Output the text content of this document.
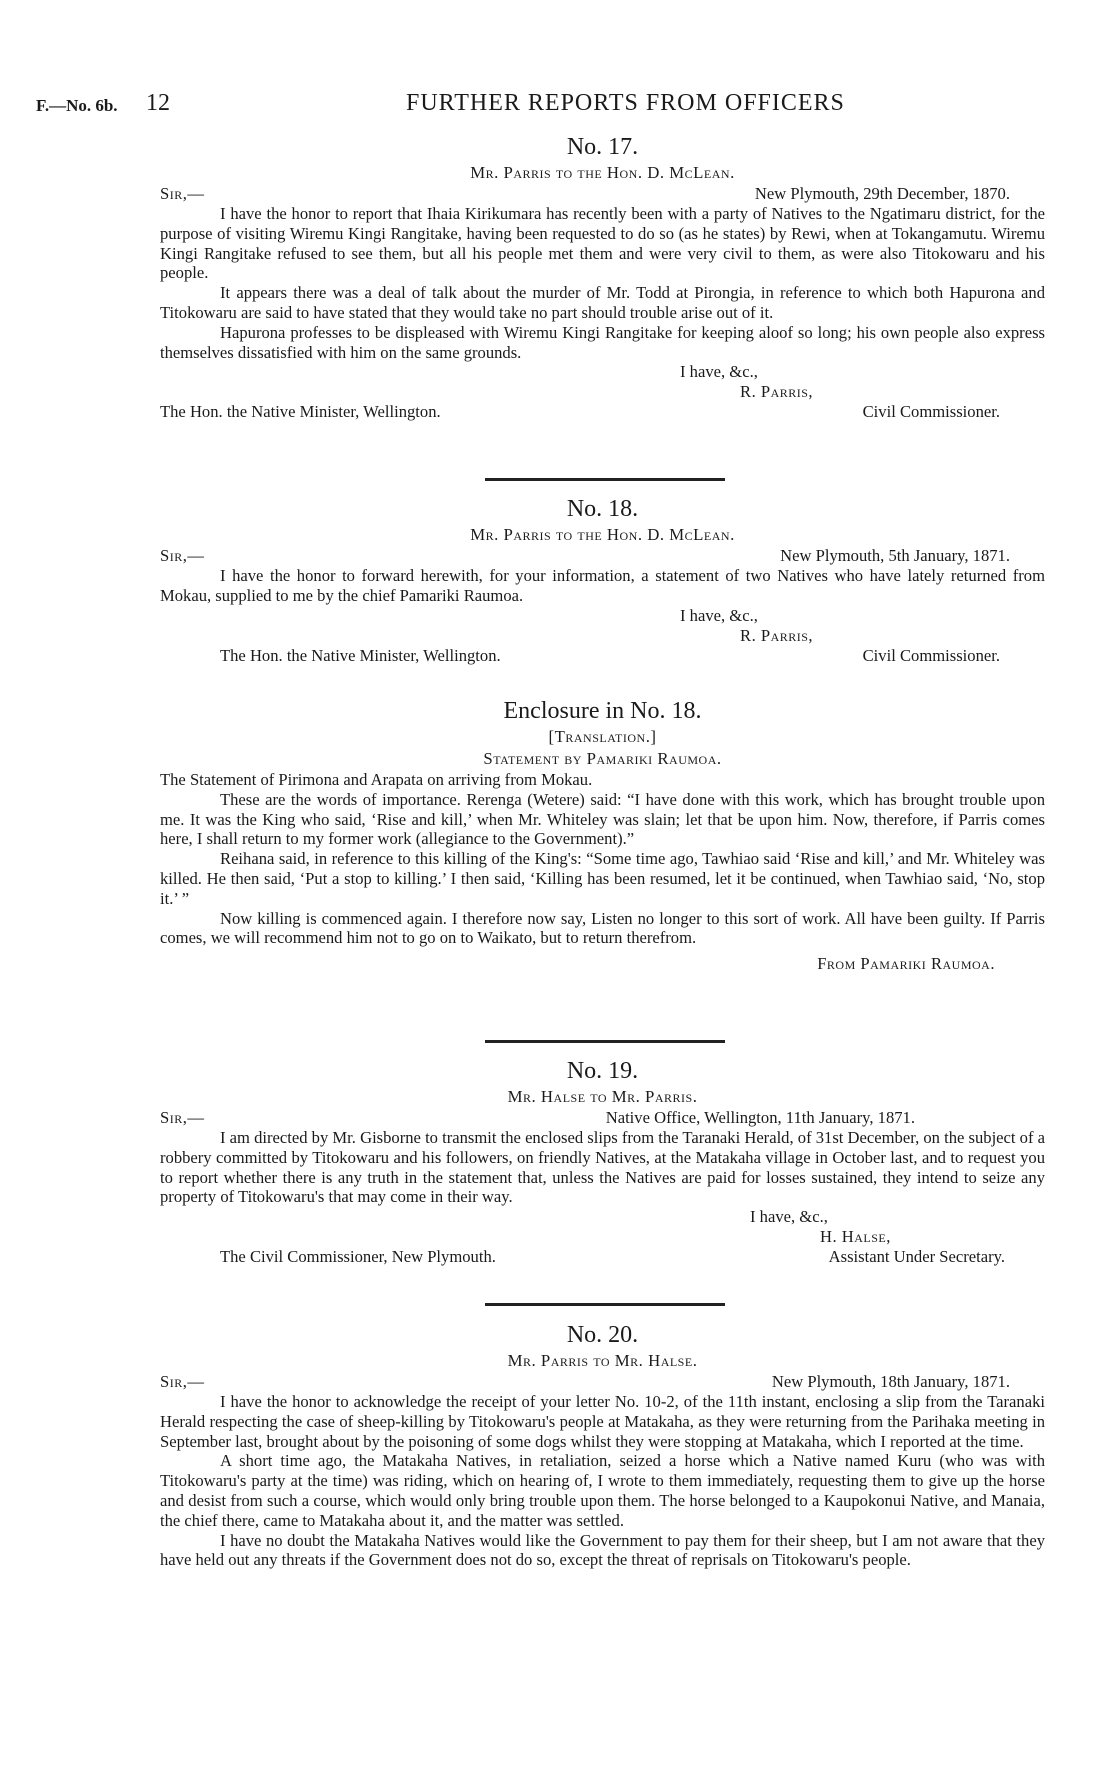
F.—No. 6b. 12	FURTHER REPORTS FROM OFFICERS
No. 17.
Mr. Parris to the Hon. D. McLean.
Sir,—	New Plymouth, 29th December, 1870.

I have the honor to report that Ihaia Kirikumara has recently been with a party of Natives to the Ngatimaru district, for the purpose of visiting Wiremu Kingi Rangitake, having been requested to do so (as he states) by Rewi, when at Tokangamutu. Wiremu Kingi Rangitake refused to see them, but all his people met them and were very civil to them, as were also Titokowaru and his people.

It appears there was a deal of talk about the murder of Mr. Todd at Pirongia, in reference to which both Hapurona and Titokowaru are said to have stated that they would take no part should trouble arise out of it.

Hapurona professes to be displeased with Wiremu Kingi Rangitake for keeping aloof so long; his own people also express themselves dissatisfied with him on the same grounds.

I have, &c.,
R. Parris,
The Hon. the Native Minister, Wellington.	Civil Commissioner.
No. 18.
Mr. Parris to the Hon. D. McLean.
Sir,—	New Plymouth, 5th January, 1871.

I have the honor to forward herewith, for your information, a statement of two Natives who have lately returned from Mokau, supplied to me by the chief Pamariki Raumoa.

I have, &c.,
R. Parris,
The Hon. the Native Minister, Wellington.	Civil Commissioner.
Enclosure in No. 18.
[Translation.]
Statement by Pamariki Raumoa.

The Statement of Pirimona and Arapata on arriving from Mokau.

These are the words of importance. Rerenga (Wetere) said: “I have done with this work, which has brought trouble upon me. It was the King who said, ‘Rise and kill,’ when Mr. Whiteley was slain; let that be upon him. Now, therefore, if Parris comes here, I shall return to my former work (allegiance to the Government).”

Reihana said, in reference to this killing of the King's: “Some time ago, Tawhiao said ‘Rise and kill,’ and Mr. Whiteley was killed. He then said, ‘Put a stop to killing.’ I then said, ‘Killing has been resumed, let it be continued, when Tawhiao said, ‘No, stop it.’ ”

Now killing is commenced again. I therefore now say, Listen no longer to this sort of work. All have been guilty. If Parris comes, we will recommend him not to go on to Waikato, but to return therefrom.

From Pamariki Raumoa.
No. 19.
Mr. Halse to Mr. Parris.
Sir,—	Native Office, Wellington, 11th January, 1871.

I am directed by Mr. Gisborne to transmit the enclosed slips from the Taranaki Herald, of 31st December, on the subject of a robbery committed by Titokowaru and his followers, on friendly Natives, at the Matakaha village in October last, and to request you to report whether there is any truth in the statement that, unless the Natives are paid for losses sustained, they intend to seize any property of Titokowaru's that may come in their way.

I have, &c.,
H. Halse,
The Civil Commissioner, New Plymouth.	Assistant Under Secretary.
No. 20.
Mr. Parris to Mr. Halse.
Sir,—	New Plymouth, 18th January, 1871.

I have the honor to acknowledge the receipt of your letter No. 10-2, of the 11th instant, enclosing a slip from the Taranaki Herald respecting the case of sheep-killing by Titokowaru's people at Matakaha, as they were returning from the Parihaka meeting in September last, brought about by the poisoning of some dogs whilst they were stopping at Matakaha, which I reported at the time.

A short time ago, the Matakaha Natives, in retaliation, seized a horse which a Native named Kuru (who was with Titokowaru's party at the time) was riding, which on hearing of, I wrote to them immediately, requesting them to give up the horse and desist from such a course, which would only bring trouble upon them. The horse belonged to a Kaupokonui Native, and Manaia, the chief there, came to Matakaha about it, and the matter was settled.

I have no doubt the Matakaha Natives would like the Government to pay them for their sheep, but I am not aware that they have held out any threats if the Government does not do so, except the threat of reprisals on Titokowaru's people.
